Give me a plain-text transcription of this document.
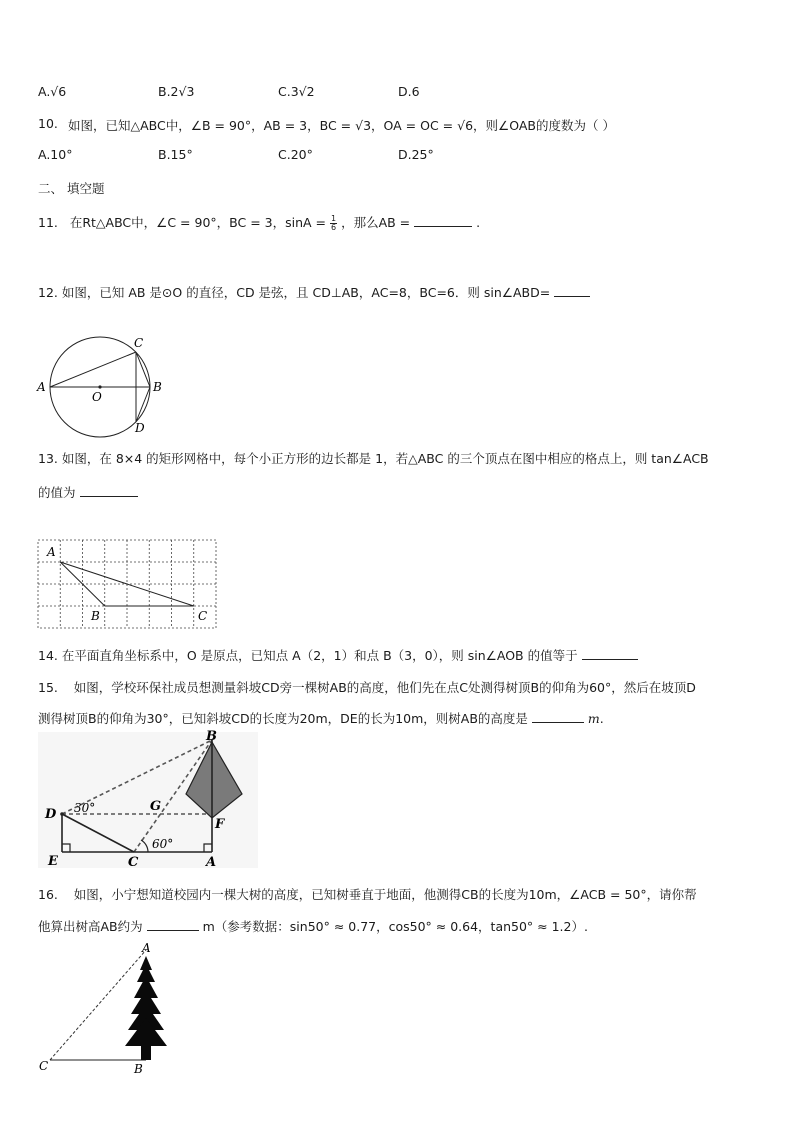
A.√6	B.2√3	C.3√2	D.6
10. 如图，已知△ABC中，∠B = 90°，AB = 3，BC = √3，OA = OC = √6，则∠OAB的度数为（ ）
A.10°	B.15°	C.20°	D.25°
二、 填空题
11. 在Rt△ABC中，∠C = 90°，BC = 3，$\sin A = \frac{1}{6}$ ，那么AB =	.
12. 如图，已知 AB 是⊙O 的直径，CD 是弦，且 CD⊥AB，AC=8，BC=6．则 sin∠ABD=
A	B
C
D
O
13. 如图，在 8×4 的矩形网格中，每个小正方形的边长都是 1，若△ABC 的三个顶点在图中相应的格点上，则 tan∠ACB
的值为
A
B	C
14. 在平面直角坐标系中，O 是原点，已知点 A（2，1）和点 B（3，0），则 sin∠AOB 的值等于
15. 如图，学校环保社成员想测量斜坡CD旁一棵树AB的高度，他们先在点C处测得树顶B的仰角为60°，然后在坡顶D
测得树顶B的仰角为30°，已知斜坡CD的长度为20m，DE的长为10m，则树AB的高度是	m.
B
D
G
F
E	C	A
30°
60°
16. 如图，小宁想知道校园内一棵大树的高度，已知树垂直于地面，他测得CB的长度为10m，∠ACB = 50°，请你帮
他算出树高AB约为	m（参考数据：sin50° ≈ 0.77，cos50° ≈ 0.64，tan50° ≈ 1.2）.
A
C	B
